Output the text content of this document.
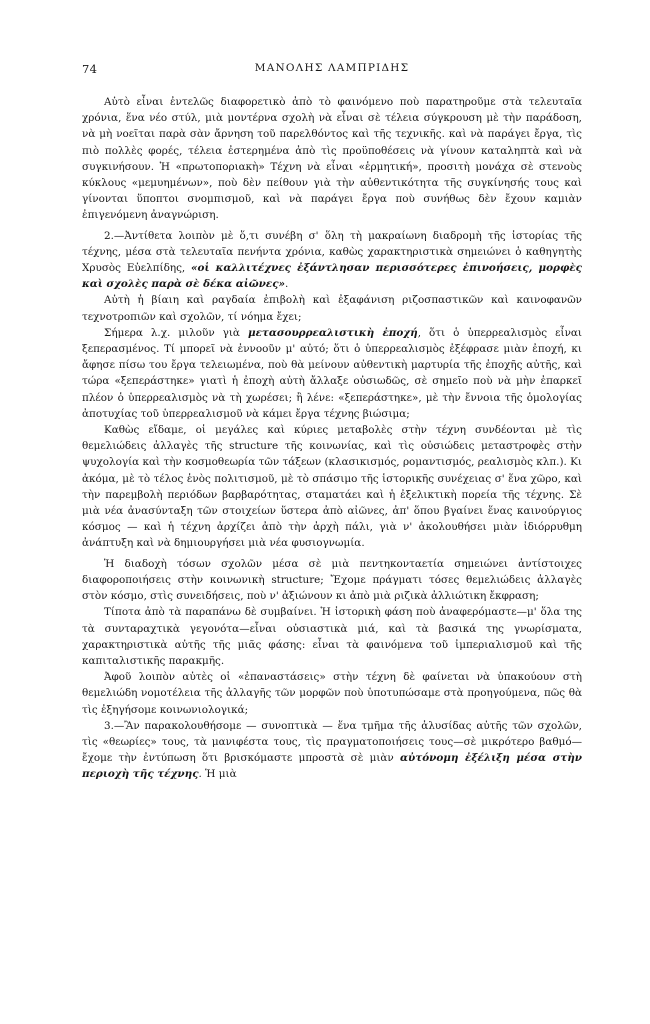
74	ΜΑΝΟΛΗΣ ΛΑΜΠΡΙΔΗΣ

Αὐτὸ εἶναι ἐντελῶς διαφορετικὸ ἀπὸ τὸ φαινόμενο ποὺ παρατηροῦμε στὰ τελευταῖα χρόνια, ἕνα νέο στύλ, μιὰ μοντέρνα σχολὴ νὰ εἶναι σὲ τέλεια σύγκρουση μὲ τὴν παράδοση, νὰ μὴ νοεῖται παρὰ σὰν ἄρνηση τοῦ παρελθόντος καὶ τῆς τεχνικῆς. καὶ νὰ παράγει ἔργα, τὶς πιὸ πολλὲς φορές, τέλεια ἐστερημένα ἀπὸ τὶς προϋποθέσεις νὰ γίνουν καταληπτὰ καὶ νὰ συγκινήσουν. Ἡ «πρωτοποριακὴ» Τέχνη νὰ εἶναι «ἑρμητική», προσιτὴ μονάχα σὲ στενοὺς κύκλους «μεμυημένων», ποὺ δὲν πείθουν γιὰ τὴν αὐθεντικότητα τῆς συγκίνησής τους καὶ γίνονται ὕποπτοι σνομπισμοῦ, καὶ νὰ παράγει ἔργα ποὺ συνήθως δὲν ἔχουν καμιὰν ἐπιγενόμενη ἀναγνώριση.

2.—Ἀντίθετα λοιπὸν μὲ ὅ,τι συνέβη σ' ὅλη τὴ μακραίωνη διαδρομὴ τῆς ἱστορίας τῆς τέχνης, μέσα στὰ τελευταῖα πενήντα χρόνια, καθὼς χαρακτηριστικὰ σημειώνει ὁ καθηγητὴς Χρυσὸς Εὐελπίδης, «οἱ καλλιτέχνες ἐξάντλησαν περισσότερες ἐπινοήσεις, μορφὲς καὶ σχολὲς παρὰ σὲ δέκα αἰῶνες».

Αὐτὴ ἡ βίαιη καὶ ραγδαία ἐπιβολὴ καὶ ἐξαφάνιση ριζοσπαστικῶν καὶ καινοφανῶν τεχνοτροπιῶν καὶ σχολῶν, τί νόημα ἔχει;

Σήμερα λ.χ. μιλοῦν γιὰ μετασουρρεαλιστικὴ ἐποχή, ὅτι ὁ ὑπερρεαλισμὸς εἶναι ξεπερασμένος. Τί μπορεῖ νὰ ἐννοοῦν μ' αὐτό; ὅτι ὁ ὑπερρεαλισμὸς ἐξέφρασε μιὰν ἐποχή, κι ἄφησε πίσω του ἔργα τελειωμένα, ποὺ θὰ μείνουν αὐθεντικὴ μαρτυρία τῆς ἐποχῆς αὐτῆς, καὶ τώρα «ξεπεράστηκε» γιατὶ ἡ ἐποχὴ αὐτὴ ἄλλαξε οὐσιωδῶς, σὲ σημεῖο ποὺ νὰ μὴν ἐπαρκεῖ πλέον ὁ ὑπερρεαλισμὸς νὰ τὴ χωρέσει; ἢ λένε: «ξεπεράστηκε», μὲ τὴν ἔννοια τῆς ὁμολογίας ἀποτυχίας τοῦ ὑπερρεαλισμοῦ νὰ κάμει ἔργα τέχνης βιώσιμα;

Καθὼς εἴδαμε, οἱ μεγάλες καὶ κύριες μεταβολὲς στὴν τέχνη συνδέονται μὲ τὶς θεμελιώδεις ἀλλαγὲς τῆς structure τῆς κοινωνίας, καὶ τὶς οὐσιώδεις μεταστροφὲς στὴν ψυχολογία καὶ τὴν κοσμοθεωρία τῶν τάξεων (κλασικισμός, ρομαντισμός, ρεαλισμὸς κλπ.). Κι ἀκόμα, μὲ τὸ τέλος ἑνὸς πολιτισμοῦ, μὲ τὸ σπάσιμο τῆς ἱστορικῆς συνέχειας σ' ἕνα χῶρο, καὶ τὴν παρεμβολὴ περιόδων βαρβαρότητας, σταματάει καὶ ἡ ἐξελικτικὴ πορεία τῆς τέχνης. Σὲ μιὰ νέα ἀνασύνταξη τῶν στοιχείων ὕστερα ἀπὸ αἰῶνες, ἀπ' ὅπου βγαίνει ἕνας καινούργιος κόσμος — καὶ ἡ τέχνη ἀρχίζει ἀπὸ τὴν ἀρχὴ πάλι, γιὰ ν' ἀκολουθήσει μιὰν ἰδιόρρυθμη ἀνάπτυξη καὶ νὰ δημιουργήσει μιὰ νέα φυσιογνωμία.

Ἡ διαδοχὴ τόσων σχολῶν μέσα σὲ μιὰ πεντηκονταετία σημειώνει ἀντίστοιχες διαφοροποιήσεις στὴν κοινωνικὴ structure; Ἔχομε πράγματι τόσες θεμελιώδεις ἀλλαγὲς στὸν κόσμο, στὶς συνειδήσεις, ποὺ ν' ἀξιώνουν κι ἀπὸ μιὰ ριζικὰ ἀλλιώτικη ἔκφραση;

Τίποτα ἀπὸ τὰ παραπάνω δὲ συμβαίνει. Ἡ ἱστορικὴ φάση ποὺ ἀναφερόμαστε—μ' ὅλα της τὰ συνταραχτικὰ γεγονότα—εἶναι οὐσιαστικὰ μιά, καὶ τὰ βασικά της γνωρίσματα, χαρακτηριστικὰ αὐτῆς τῆς μιᾶς φάσης: εἶναι τὰ φαινόμενα τοῦ ἰμπεριαλισμοῦ καὶ τῆς καπιταλιστικῆς παρακμῆς.

Ἀφοῦ λοιπὸν αὐτὲς οἱ «ἐπαναστάσεις» στὴν τέχνη δὲ φαίνεται νὰ ὑπακούουν στὴ θεμελιώδη νομοτέλεια τῆς ἀλλαγῆς τῶν μορφῶν ποὺ ὑποτυπώσαμε στὰ προηγούμενα, πῶς θὰ τὶς ἐξηγήσομε κοινωνιολογικά;

3.—Ἂν παρακολουθήσομε — συνοπτικὰ — ἕνα τμῆμα τῆς ἁλυσίδας αὐτῆς τῶν σχολῶν, τὶς «θεωρίες» τους, τὰ μανιφέστα τους, τὶς πραγματοποιήσεις τους—σὲ μικρότερο βαθμό—ἔχομε τὴν ἐντύπωση ὅτι βρισκόμαστε μπροστὰ σὲ μιὰν αὐτόνομη ἐξέλιξη μέσα στὴν περιοχὴ τῆς τέχνης. Ἡ μιὰ
